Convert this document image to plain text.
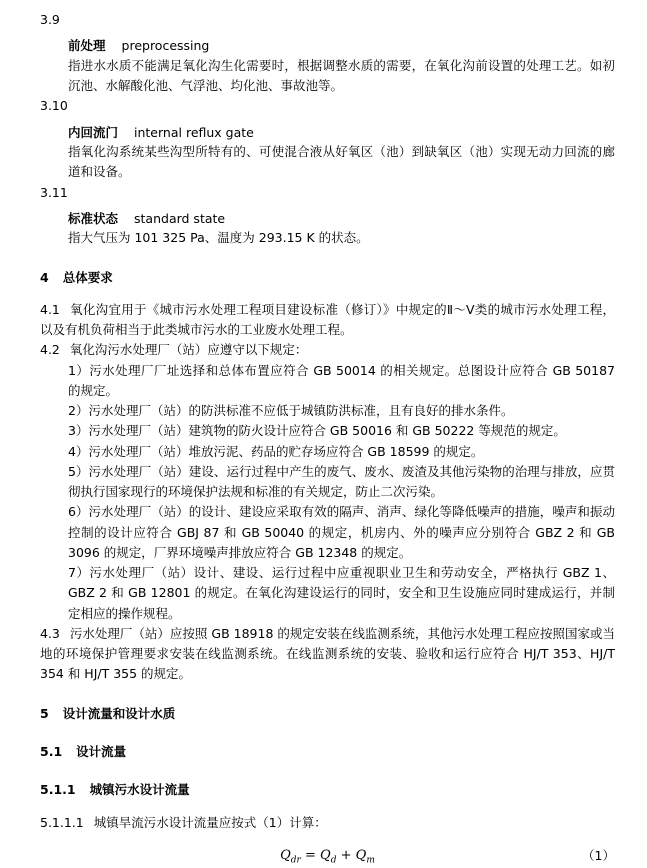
3.9
前处理 preprocessing
指进水水质不能满足氧化沟生化需要时，根据调整水质的需要，在氧化沟前设置的处理工艺。如初沉池、水解酸化池、气浮池、均化池、事故池等。
3.10
内回流门 internal reflux gate
指氧化沟系统某些沟型所特有的、可使混合液从好氧区（池）到缺氧区（池）实现无动力回流的廊道和设备。
3.11
标准状态 standard state
指大气压为 101 325 Pa、温度为 293.15 K 的状态。
4 总体要求
4.1 氧化沟宜用于《城市污水处理工程项目建设标准（修订）》中规定的Ⅱ～Ⅴ类的城市污水处理工程，以及有机负荷相当于此类城市污水的工业废水处理工程。
4.2 氧化沟污水处理厂（站）应遵守以下规定：
1）污水处理厂厂址选择和总体布置应符合 GB 50014 的相关规定。总图设计应符合 GB 50187 的规定。
2）污水处理厂（站）的防洪标准不应低于城镇防洪标准，且有良好的排水条件。
3）污水处理厂（站）建筑物的防火设计应符合 GB 50016 和 GB 50222 等规范的规定。
4）污水处理厂（站）堆放污泥、药品的贮存场应符合 GB 18599 的规定。
5）污水处理厂（站）建设、运行过程中产生的废气、废水、废渣及其他污染物的治理与排放，应贯彻执行国家现行的环境保护法规和标准的有关规定，防止二次污染。
6）污水处理厂（站）的设计、建设应采取有效的隔声、消声、绿化等降低噪声的措施，噪声和振动控制的设计应符合 GBJ 87 和 GB 50040 的规定，机房内、外的噪声应分别符合 GBZ 2 和 GB 3096 的规定，厂界环境噪声排放应符合 GB 12348 的规定。
7）污水处理厂（站）设计、建设、运行过程中应重视职业卫生和劳动安全，严格执行 GBZ 1、GBZ 2 和 GB 12801 的规定。在氧化沟建设运行的同时，安全和卫生设施应同时建成运行，并制定相应的操作规程。
4.3 污水处理厂（站）应按照 GB 18918 的规定安装在线监测系统，其他污水处理工程应按照国家或当地的环境保护管理要求安装在线监测系统。在线监测系统的安装、验收和运行应符合 HJ/T 353、HJ/T 354 和 HJ/T 355 的规定。
5 设计流量和设计水质
5.1 设计流量
5.1.1 城镇污水设计流量
5.1.1.1 城镇旱流污水设计流量应按式（1）计算：
$Q_{dr} = Q_d + Q_m$	（1）
